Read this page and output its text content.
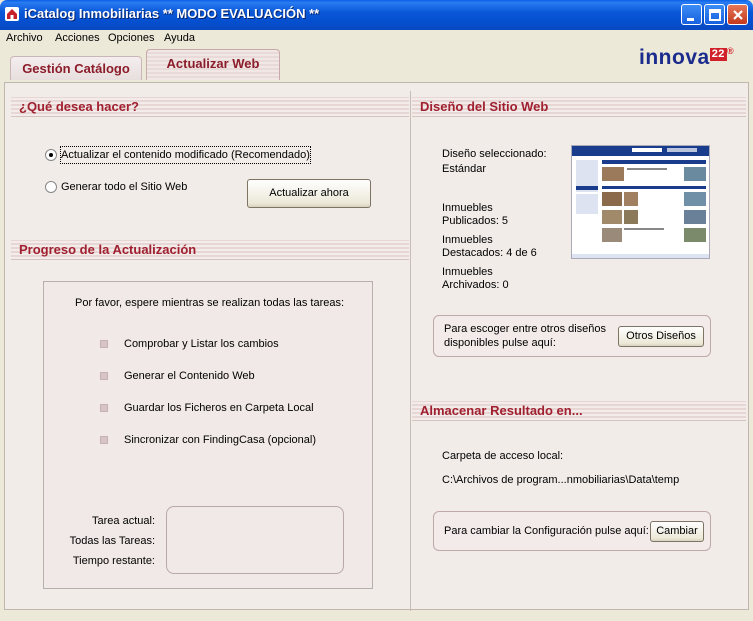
iCatalog Inmobiliarias ** MODO EVALUACIÓN **
Archivo Acciones Opciones Ayuda
Gestión Catálogo	Actualizar Web	innova 22 ®
¿Qué desea hacer?
Actualizar el contenido modificado (Recomendado)
Generar todo el Sitio Web	Actualizar ahora
Progreso de la Actualización
Por favor, espere mientras se realizan todas las tareas:
Comprobar y Listar los cambios
Generar el Contenido Web
Guardar los Ficheros en Carpeta Local
Sincronizar con FindingCasa (opcional)
Tarea actual:
Todas las Tareas:
Tiempo restante:
Diseño del Sitio Web
Diseño seleccionado:
Estándar
Inmuebles
Publicados: 5
Inmuebles
Destacados: 4 de 6
Inmuebles
Archivados: 0
Para escoger entre otros diseños
disponibles pulse aquí:
Otros Diseños
Almacenar Resultado en...
Carpeta de acceso local:
C:\Archivos de program...nmobiliarias\Data\temp
Para cambiar la Configuración pulse aquí: Cambiar
